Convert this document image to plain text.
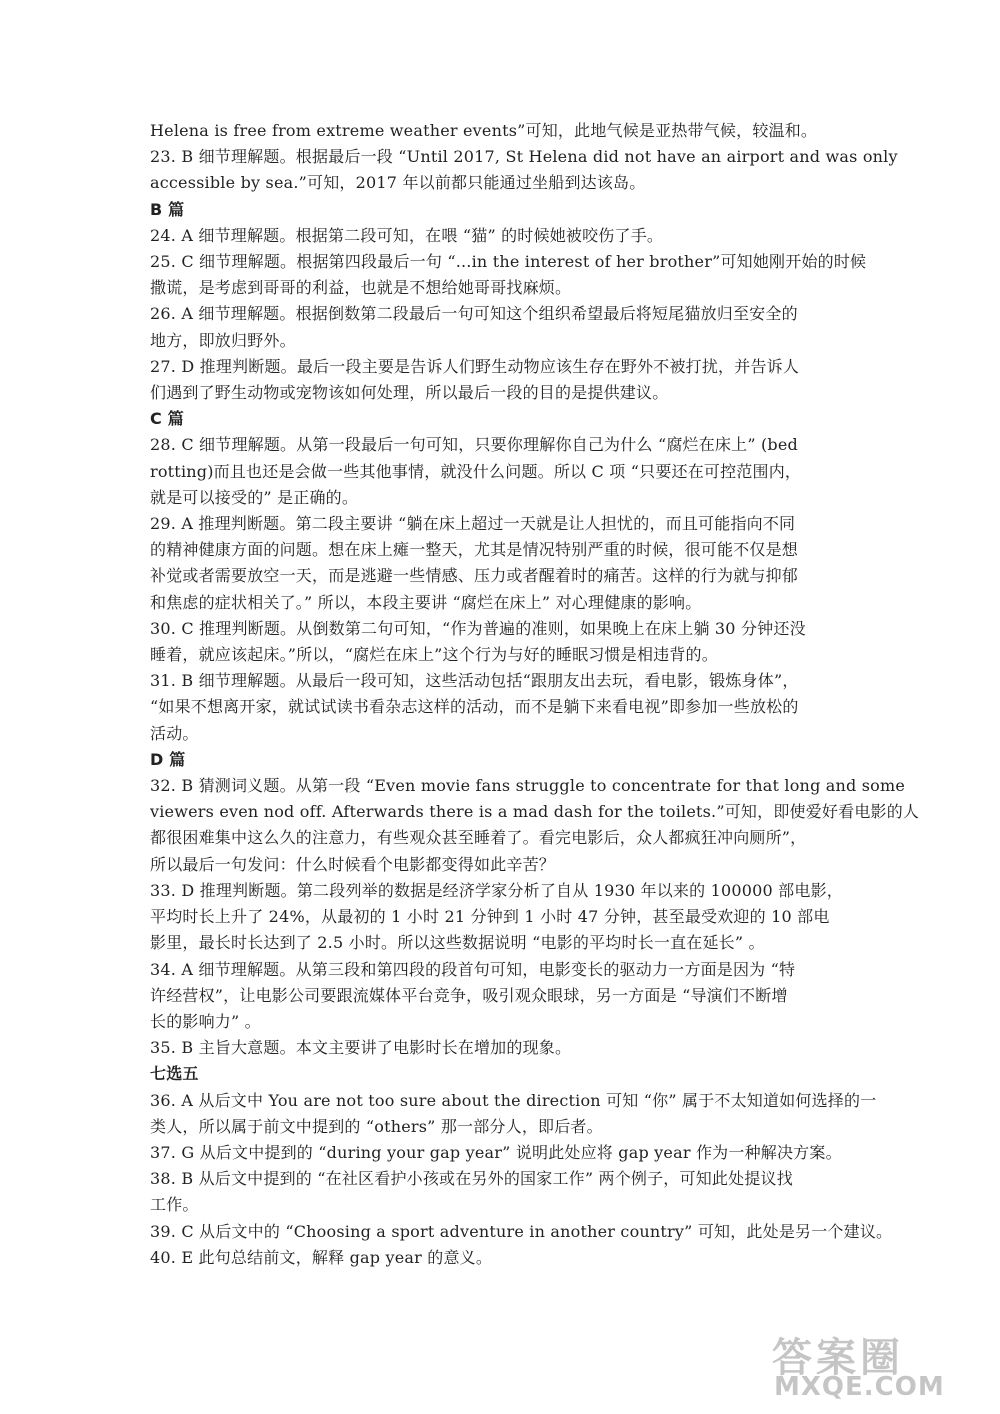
Helena is free from extreme weather events”可知，此地气候是亚热带气候，较温和。
23. B 细节理解题。根据最后一段 “Until 2017, St Helena did not have an airport and was only
accessible by sea.”可知，2017 年以前都只能通过坐船到达该岛。
B 篇
24. A 细节理解题。根据第二段可知，在喂 “猫” 的时候她被咬伤了手。
25. C 细节理解题。根据第四段最后一句 “...in the interest of her brother”可知她刚开始的时候
撒谎，是考虑到哥哥的利益，也就是不想给她哥哥找麻烦。
26. A 细节理解题。根据倒数第二段最后一句可知这个组织希望最后将短尾猫放归至安全的
地方，即放归野外。
27. D 推理判断题。最后一段主要是告诉人们野生动物应该生存在野外不被打扰，并告诉人
们遇到了野生动物或宠物该如何处理，所以最后一段的目的是提供建议。
C 篇
28. C 细节理解题。从第一段最后一句可知，只要你理解你自己为什么 “腐烂在床上” (bed
rotting)而且也还是会做一些其他事情，就没什么问题。所以 C 项 “只要还在可控范围内，
就是可以接受的” 是正确的。
29. A 推理判断题。第二段主要讲 “躺在床上超过一天就是让人担忧的，而且可能指向不同
的精神健康方面的问题。想在床上瘫一整天，尤其是情况特别严重的时候，很可能不仅是想
补觉或者需要放空一天，而是逃避一些情感、压力或者醒着时的痛苦。这样的行为就与抑郁
和焦虑的症状相关了。” 所以，本段主要讲 “腐烂在床上” 对心理健康的影响。
30. C 推理判断题。从倒数第二句可知，“作为普遍的准则，如果晚上在床上躺 30 分钟还没
睡着，就应该起床。”所以，“腐烂在床上”这个行为与好的睡眠习惯是相违背的。
31. B 细节理解题。从最后一段可知，这些活动包括“跟朋友出去玩，看电影，锻炼身体”，
“如果不想离开家，就试试读书看杂志这样的活动，而不是躺下来看电视”即参加一些放松的
活动。
D 篇
32. B 猜测词义题。从第一段 “Even movie fans struggle to concentrate for that long and some
viewers even nod off. Afterwards there is a mad dash for the toilets.”可知，即使爱好看电影的人
都很困难集中这么久的注意力，有些观众甚至睡着了。看完电影后，众人都疯狂冲向厕所”，
所以最后一句发问：什么时候看个电影都变得如此辛苦？
33. D 推理判断题。第二段列举的数据是经济学家分析了自从 1930 年以来的 100000 部电影，
平均时长上升了 24%，从最初的 1 小时 21 分钟到 1 小时 47 分钟，甚至最受欢迎的 10 部电
影里，最长时长达到了 2.5 小时。所以这些数据说明 “电影的平均时长一直在延长” 。
34. A 细节理解题。从第三段和第四段的段首句可知，电影变长的驱动力一方面是因为 “特
许经营权”，让电影公司要跟流媒体平台竞争，吸引观众眼球，另一方面是 “导演们不断增
长的影响力” 。
35. B 主旨大意题。本文主要讲了电影时长在增加的现象。
七选五
36. A 从后文中 You are not too sure about the direction 可知 “你” 属于不太知道如何选择的一
类人，所以属于前文中提到的 “others” 那一部分人，即后者。
37. G 从后文中提到的 “during your gap year” 说明此处应将 gap year 作为一种解决方案。
38. B 从后文中提到的 “在社区看护小孩或在另外的国家工作” 两个例子，可知此处提议找
工作。
39. C 从后文中的 “Choosing a sport adventure in another country” 可知，此处是另一个建议。
40. E 此句总结前文，解释 gap year 的意义。
答案圈
MXQE.COM
